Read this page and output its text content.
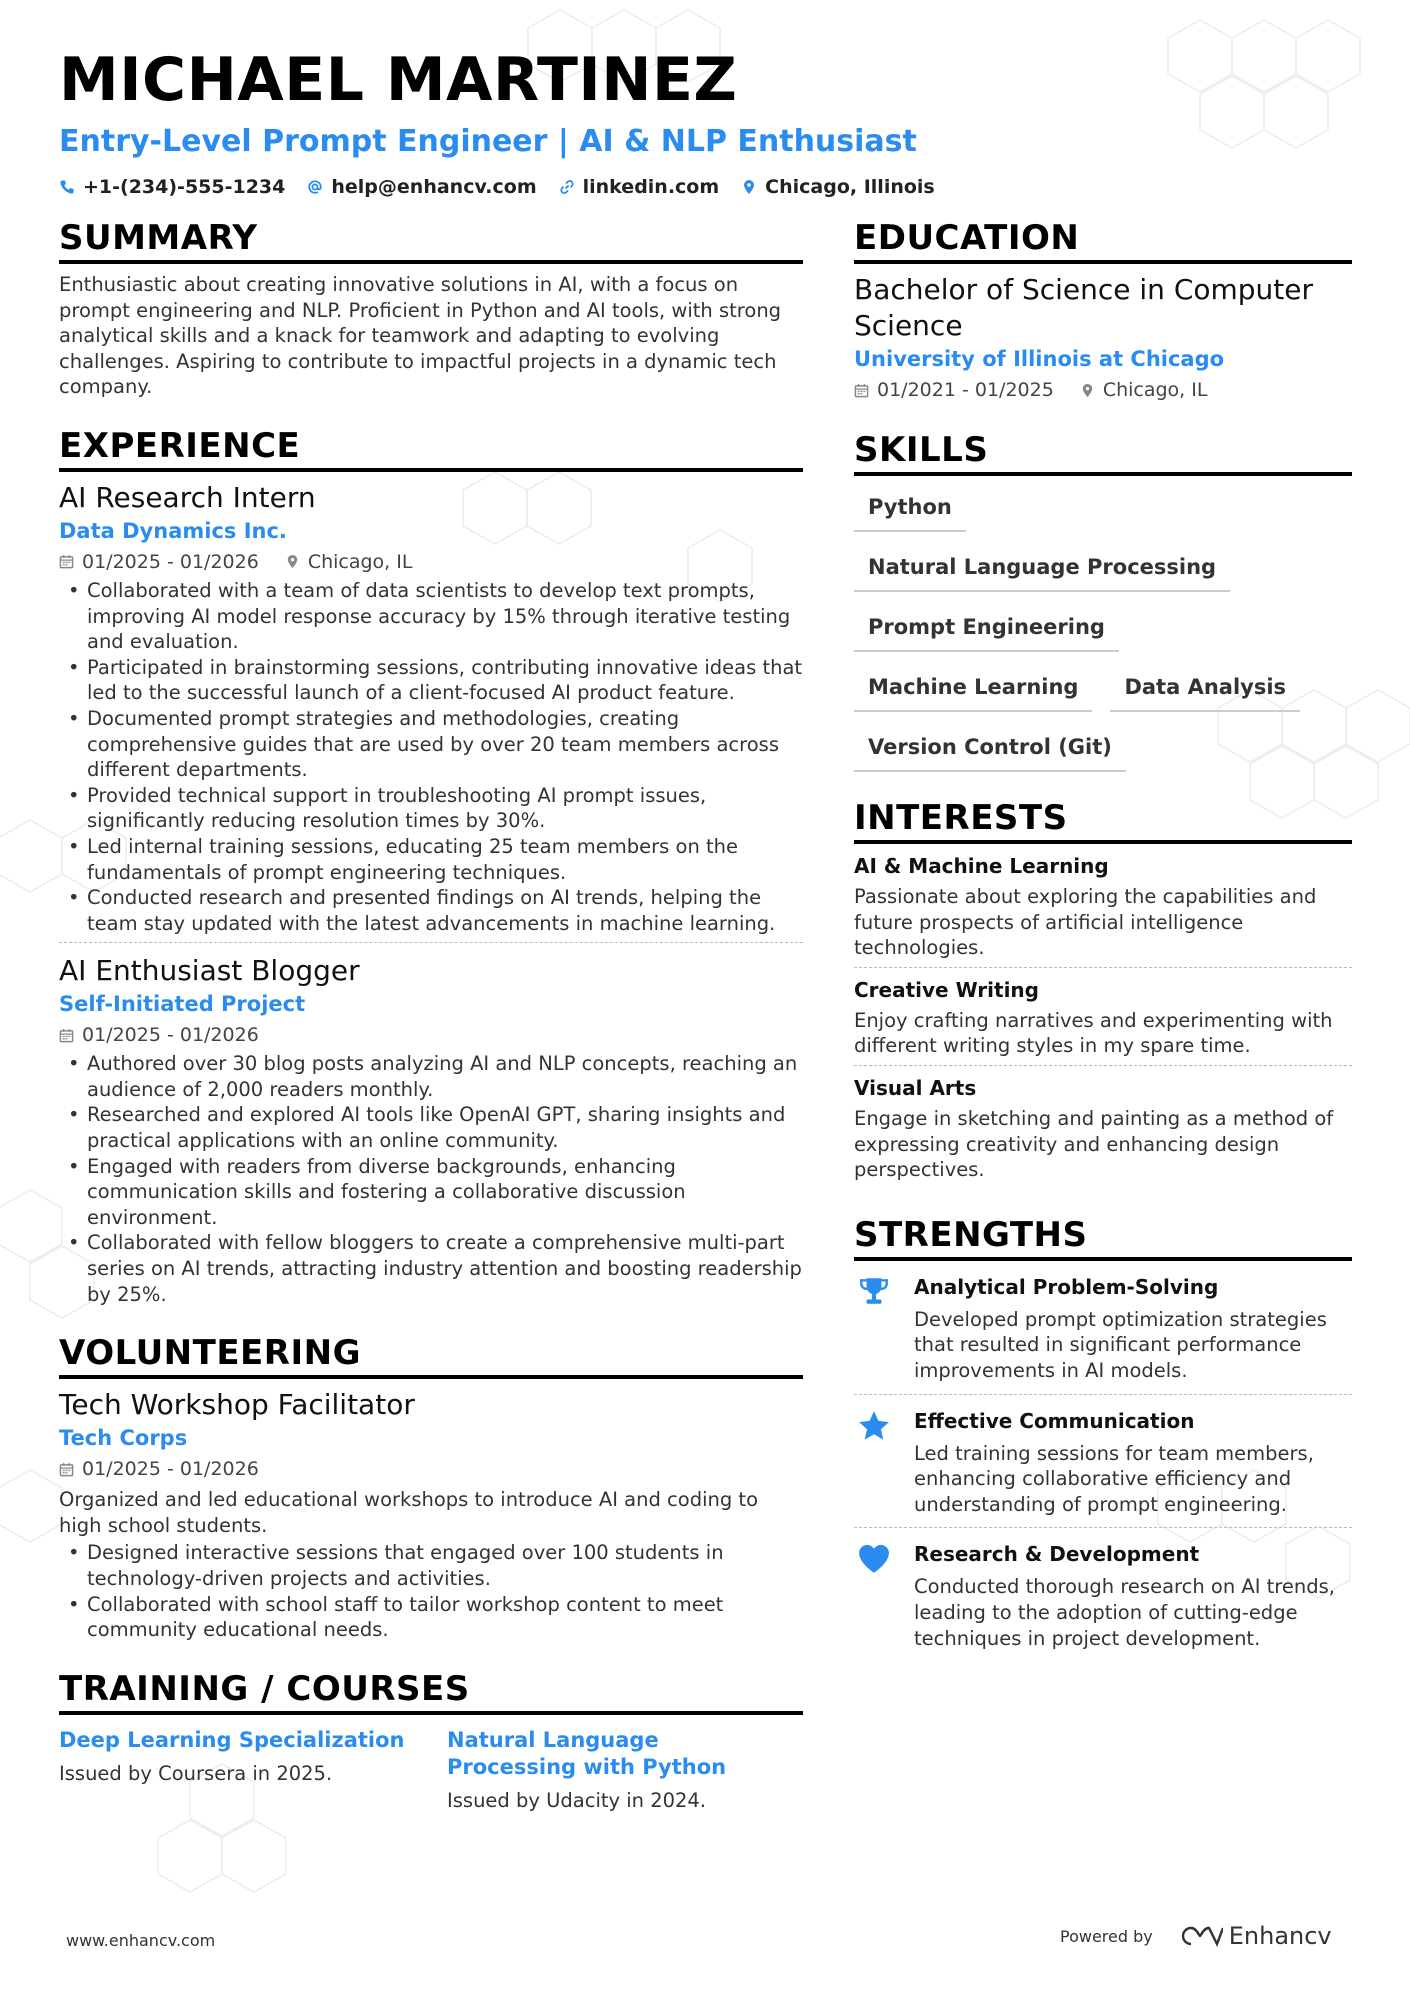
MICHAEL MARTINEZ
Entry-Level Prompt Engineer | AI & NLP Enthusiast
+1-(234)-555-1234 help@enhancv.com linkedin.com Chicago, Illinois
SUMMARY
Enthusiastic about creating innovative solutions in AI, with a focus on prompt engineering and NLP. Proficient in Python and AI tools, with strong analytical skills and a knack for teamwork and adapting to evolving challenges. Aspiring to contribute to impactful projects in a dynamic tech company.
EXPERIENCE
AI Research Intern
Data Dynamics Inc.
01/2025 - 01/2026	Chicago, IL
• Collaborated with a team of data scientists to develop text prompts, improving AI model response accuracy by 15% through iterative testing and evaluation.
• Participated in brainstorming sessions, contributing innovative ideas that led to the successful launch of a client-focused AI product feature.
• Documented prompt strategies and methodologies, creating comprehensive guides that are used by over 20 team members across different departments.
• Provided technical support in troubleshooting AI prompt issues, significantly reducing resolution times by 30%.
• Led internal training sessions, educating 25 team members on the fundamentals of prompt engineering techniques.
• Conducted research and presented findings on AI trends, helping the team stay updated with the latest advancements in machine learning.
AI Enthusiast Blogger
Self-Initiated Project
01/2025 - 01/2026
• Authored over 30 blog posts analyzing AI and NLP concepts, reaching an audience of 2,000 readers monthly.
• Researched and explored AI tools like OpenAI GPT, sharing insights and practical applications with an online community.
• Engaged with readers from diverse backgrounds, enhancing communication skills and fostering a collaborative discussion environment.
• Collaborated with fellow bloggers to create a comprehensive multi-part series on AI trends, attracting industry attention and boosting readership by 25%.
VOLUNTEERING
Tech Workshop Facilitator
Tech Corps
01/2025 - 01/2026
Organized and led educational workshops to introduce AI and coding to high school students.
• Designed interactive sessions that engaged over 100 students in technology-driven projects and activities.
• Collaborated with school staff to tailor workshop content to meet community educational needs.
TRAINING / COURSES
Deep Learning Specialization
Issued by Coursera in 2025.
Natural Language Processing with Python
Issued by Udacity in 2024.
EDUCATION
Bachelor of Science in Computer Science
University of Illinois at Chicago
01/2021 - 01/2025	Chicago, IL
SKILLS
Python
Natural Language Processing
Prompt Engineering
Machine Learning	Data Analysis
Version Control (Git)
INTERESTS
AI & Machine Learning
Passionate about exploring the capabilities and future prospects of artificial intelligence technologies.
Creative Writing
Enjoy crafting narratives and experimenting with different writing styles in my spare time.
Visual Arts
Engage in sketching and painting as a method of expressing creativity and enhancing design perspectives.
STRENGTHS
Analytical Problem-Solving
Developed prompt optimization strategies that resulted in significant performance improvements in AI models.
Effective Communication
Led training sessions for team members, enhancing collaborative efficiency and understanding of prompt engineering.
Research & Development
Conducted thorough research on AI trends, leading to the adoption of cutting-edge techniques in project development.
www.enhancv.com	Powered by	Enhancv
